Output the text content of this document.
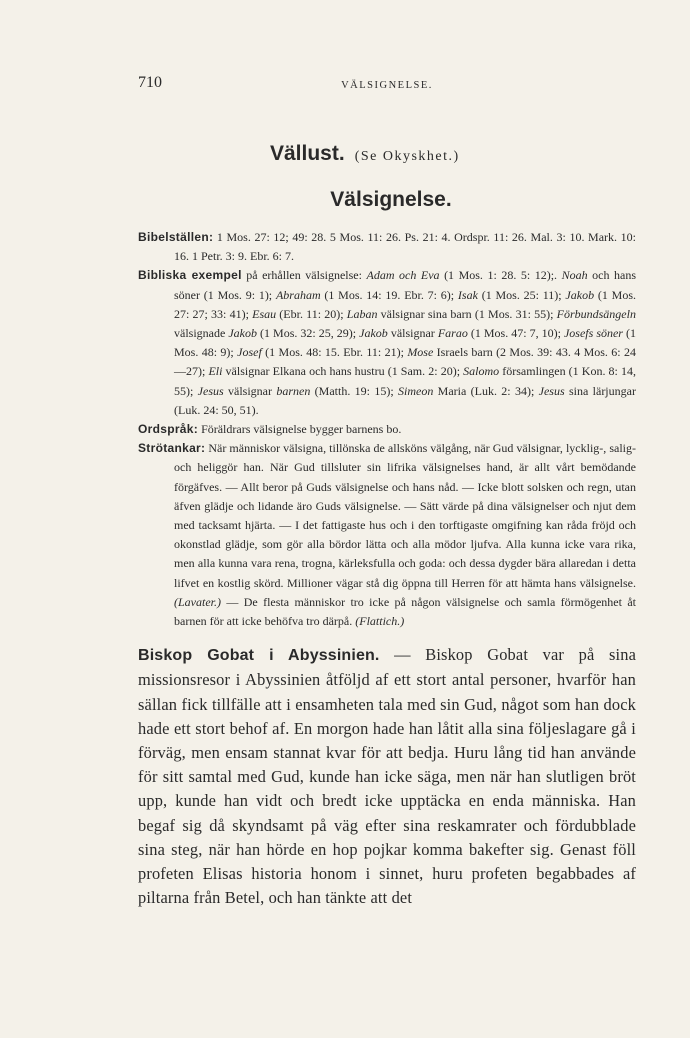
710	VÄLSIGNELSE.
Vällust. (Se Okyskhet.)
Välsignelse.

Bibelställen: 1 Mos. 27: 12; 49: 28. 5 Mos. 11: 26. Ps. 21: 4. Ordspr. 11: 26. Mal. 3: 10. Mark. 10: 16. 1 Petr. 3: 9. Ebr. 6: 7.

Bibliska exempel på erhållen välsignelse: Adam och Eva (1 Mos. 1: 28. 5: 12);. Noah och hans söner (1 Mos. 9: 1); Abraham (1 Mos. 14: 19. Ebr. 7: 6); Isak (1 Mos. 25: 11); Jakob (1 Mos. 27: 27; 33: 41); Esau (Ebr. 11: 20); Laban välsignar sina barn (1 Mos. 31: 55); Förbundsängeln välsignade Jakob (1 Mos. 32: 25, 29); Jakob välsignar Farao (1 Mos. 47: 7, 10); Josefs söner (1 Mos. 48: 9); Josef (1 Mos. 48: 15. Ebr. 11: 21); Mose Israels barn (2 Mos. 39: 43. 4 Mos. 6: 24—27); Eli välsignar Elkana och hans hustru (1 Sam. 2: 20); Salomo församlingen (1 Kon. 8: 14, 55); Jesus välsignar barnen (Matth. 19: 15); Simeon Maria (Luk. 2: 34); Jesus sina lärjungar (Luk. 24: 50, 51).

Ordspråk: Föräldrars välsignelse bygger barnens bo.

Strötankar: När människor välsigna, tillönska de allsköns välgång, när Gud välsignar, lycklig-, salig- och heliggör han. När Gud tillsluter sin lifrika välsignelses hand, är allt vårt bemödande förgäfves. — Allt beror på Guds välsignelse och hans nåd. — Icke blott solsken och regn, utan äfven glädje och lidande äro Guds välsignelse. — Sätt värde på dina välsignelser och njut dem med tacksamt hjärta. — I det fattigaste hus och i den torftigaste omgifning kan råda fröjd och okonstlad glädje, som gör alla bördor lätta och alla mödor ljufva. Alla kunna icke vara rika, men alla kunna vara rena, trogna, kärleksfulla och goda: och dessa dygder bära allaredan i detta lifvet en kostlig skörd. Millioner vägar stå dig öppna till Herren för att hämta hans välsignelse. (Lavater.) — De flesta människor tro icke på någon välsignelse och samla förmögenhet åt barnen för att icke behöfva tro därpå. (Flattich.)

Biskop Gobat i Abyssinien. — Biskop Gobat var på sina missionsresor i Abyssinien åtföljd af ett stort antal personer, hvarför han sällan fick tillfälle att i ensamheten tala med sin Gud, något som han dock hade ett stort behof af. En morgon hade han låtit alla sina följeslagare gå i förväg, men ensam stannat kvar för att bedja. Huru lång tid han använde för sitt samtal med Gud, kunde han icke säga, men när han slutligen bröt upp, kunde han vidt och bredt icke upptäcka en enda människa. Han begaf sig då skyndsamt på väg efter sina reskamrater och fördubblade sina steg, när han hörde en hop pojkar komma bakefter sig. Genast föll profeten Elisas historia honom i sinnet, huru profeten begabbades af piltarna från Betel, och han tänkte att det
